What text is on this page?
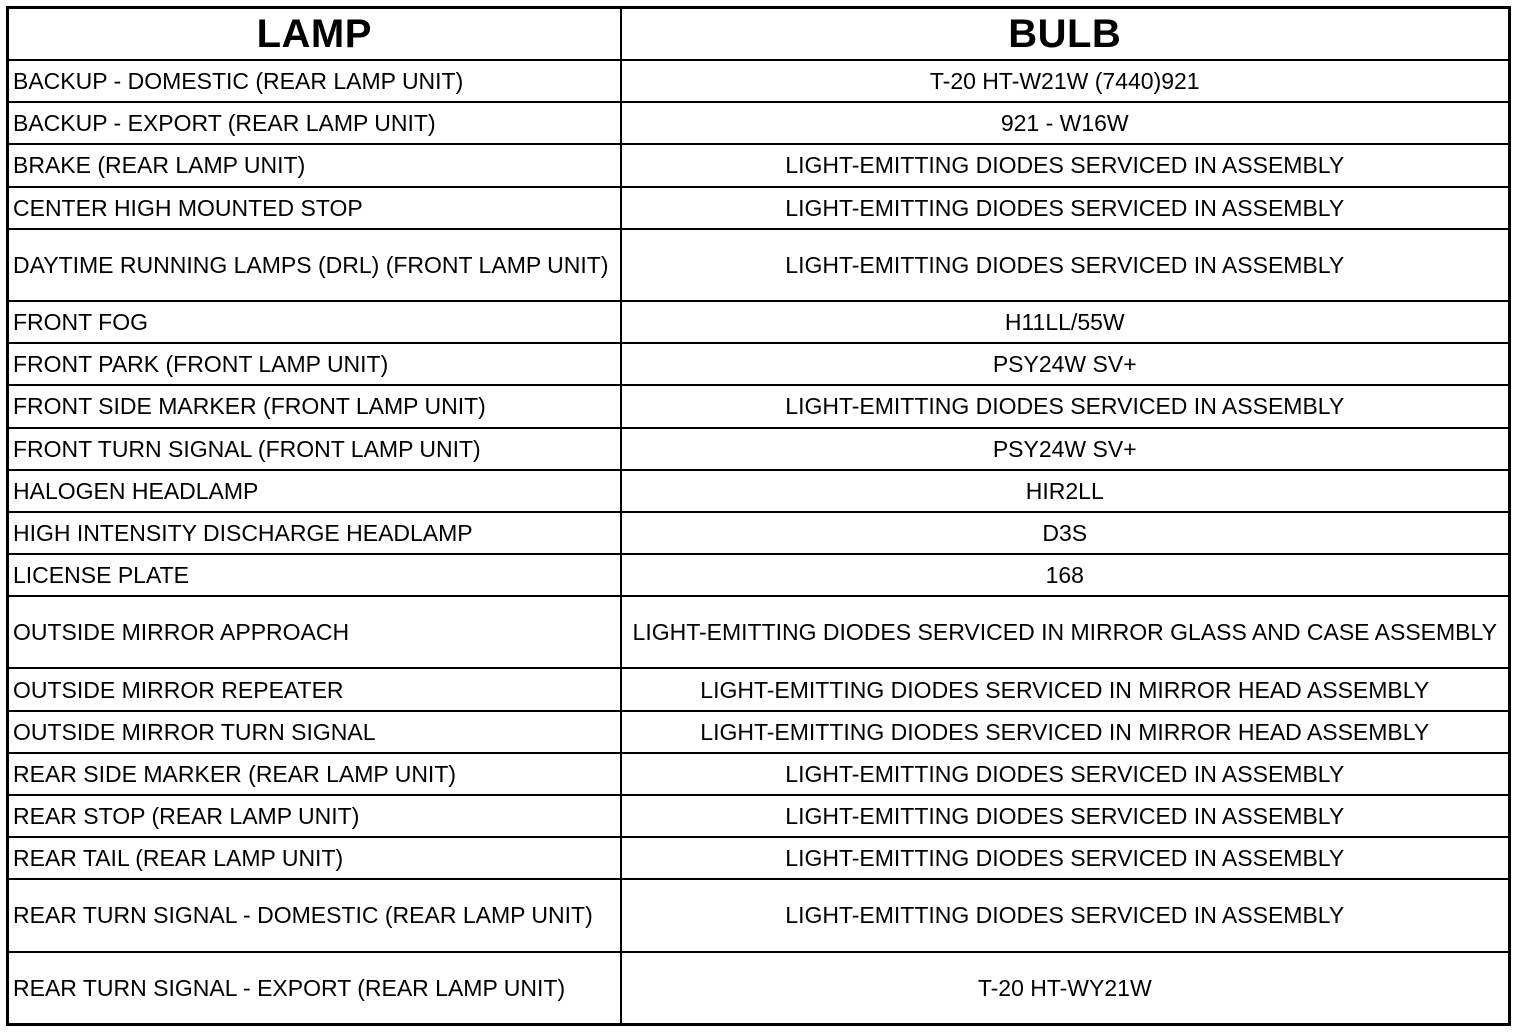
LAMP	BULB
BACKUP - DOMESTIC (REAR LAMP UNIT)	T-20 HT-W21W (7440)921
BACKUP - EXPORT (REAR LAMP UNIT)	921 - W16W
BRAKE (REAR LAMP UNIT)	LIGHT-EMITTING DIODES SERVICED IN ASSEMBLY
CENTER HIGH MOUNTED STOP	LIGHT-EMITTING DIODES SERVICED IN ASSEMBLY
DAYTIME RUNNING LAMPS (DRL) (FRONT LAMP UNIT)	LIGHT-EMITTING DIODES SERVICED IN ASSEMBLY
FRONT FOG	H11LL/55W
FRONT PARK (FRONT LAMP UNIT)	PSY24W SV+
FRONT SIDE MARKER (FRONT LAMP UNIT)	LIGHT-EMITTING DIODES SERVICED IN ASSEMBLY
FRONT TURN SIGNAL (FRONT LAMP UNIT)	PSY24W SV+
HALOGEN HEADLAMP	HIR2LL
HIGH INTENSITY DISCHARGE HEADLAMP	D3S
LICENSE PLATE	168
OUTSIDE MIRROR APPROACH	LIGHT-EMITTING DIODES SERVICED IN MIRROR GLASS AND CASE ASSEMBLY
OUTSIDE MIRROR REPEATER	LIGHT-EMITTING DIODES SERVICED IN MIRROR HEAD ASSEMBLY
OUTSIDE MIRROR TURN SIGNAL	LIGHT-EMITTING DIODES SERVICED IN MIRROR HEAD ASSEMBLY
REAR SIDE MARKER (REAR LAMP UNIT)	LIGHT-EMITTING DIODES SERVICED IN ASSEMBLY
REAR STOP (REAR LAMP UNIT)	LIGHT-EMITTING DIODES SERVICED IN ASSEMBLY
REAR TAIL (REAR LAMP UNIT)	LIGHT-EMITTING DIODES SERVICED IN ASSEMBLY
REAR TURN SIGNAL - DOMESTIC (REAR LAMP UNIT)	LIGHT-EMITTING DIODES SERVICED IN ASSEMBLY
REAR TURN SIGNAL - EXPORT (REAR LAMP UNIT)	T-20 HT-WY21W
